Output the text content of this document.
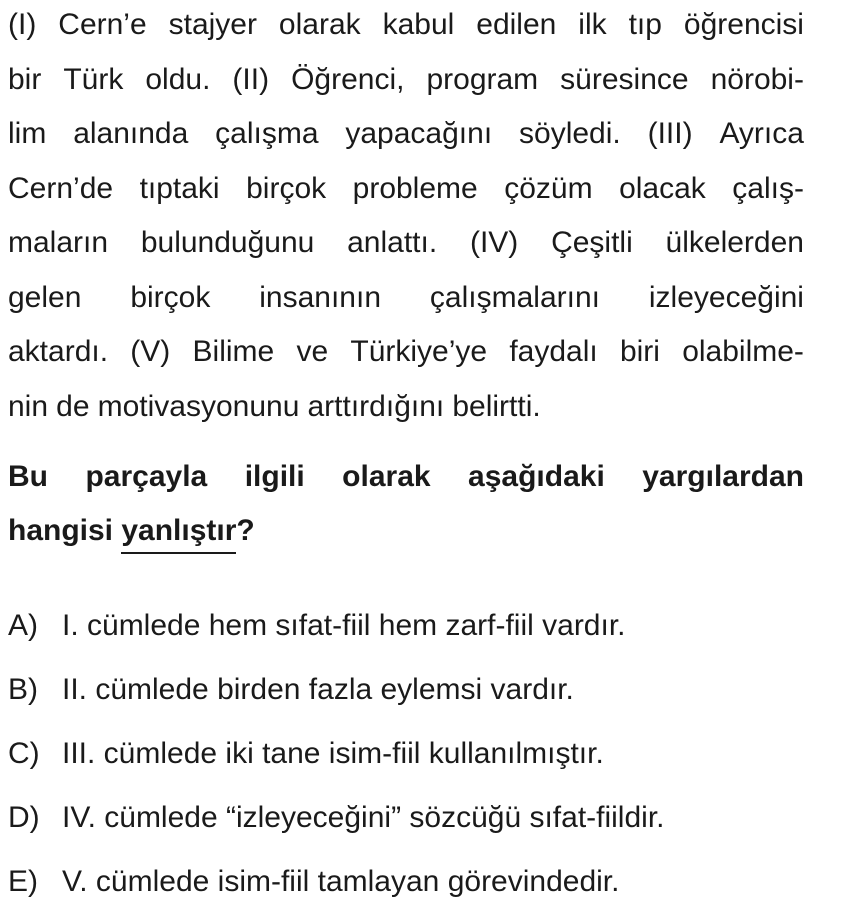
(I) Cern’e stajyer olarak kabul edilen ilk tıp öğrencisi
bir Türk oldu. (II) Öğrenci, program süresince nörobi-
lim alanında çalışma yapacağını söyledi. (III) Ayrıca
Cern’de tıptaki birçok probleme çözüm olacak çalış-
maların bulunduğunu anlattı. (IV) Çeşitli ülkelerden
gelen birçok insanının çalışmalarını izleyeceğini
aktardı. (V) Bilime ve Türkiye’ye faydalı biri olabilme-
nin de motivasyonunu arttırdığını belirtti.
Bu parçayla ilgili olarak aşağıdaki yargılardan
hangisi yanlıştır
?
A) I. cümlede hem sıfat-fiil hem zarf-fiil vardır.
B) II. cümlede birden fazla eylemsi vardır.
C) III. cümlede iki tane isim-fiil kullanılmıştır.
D) IV. cümlede “izleyeceğini” sözcüğü sıfat-fiildir.
E) V. cümlede isim-fiil tamlayan görevindedir.
